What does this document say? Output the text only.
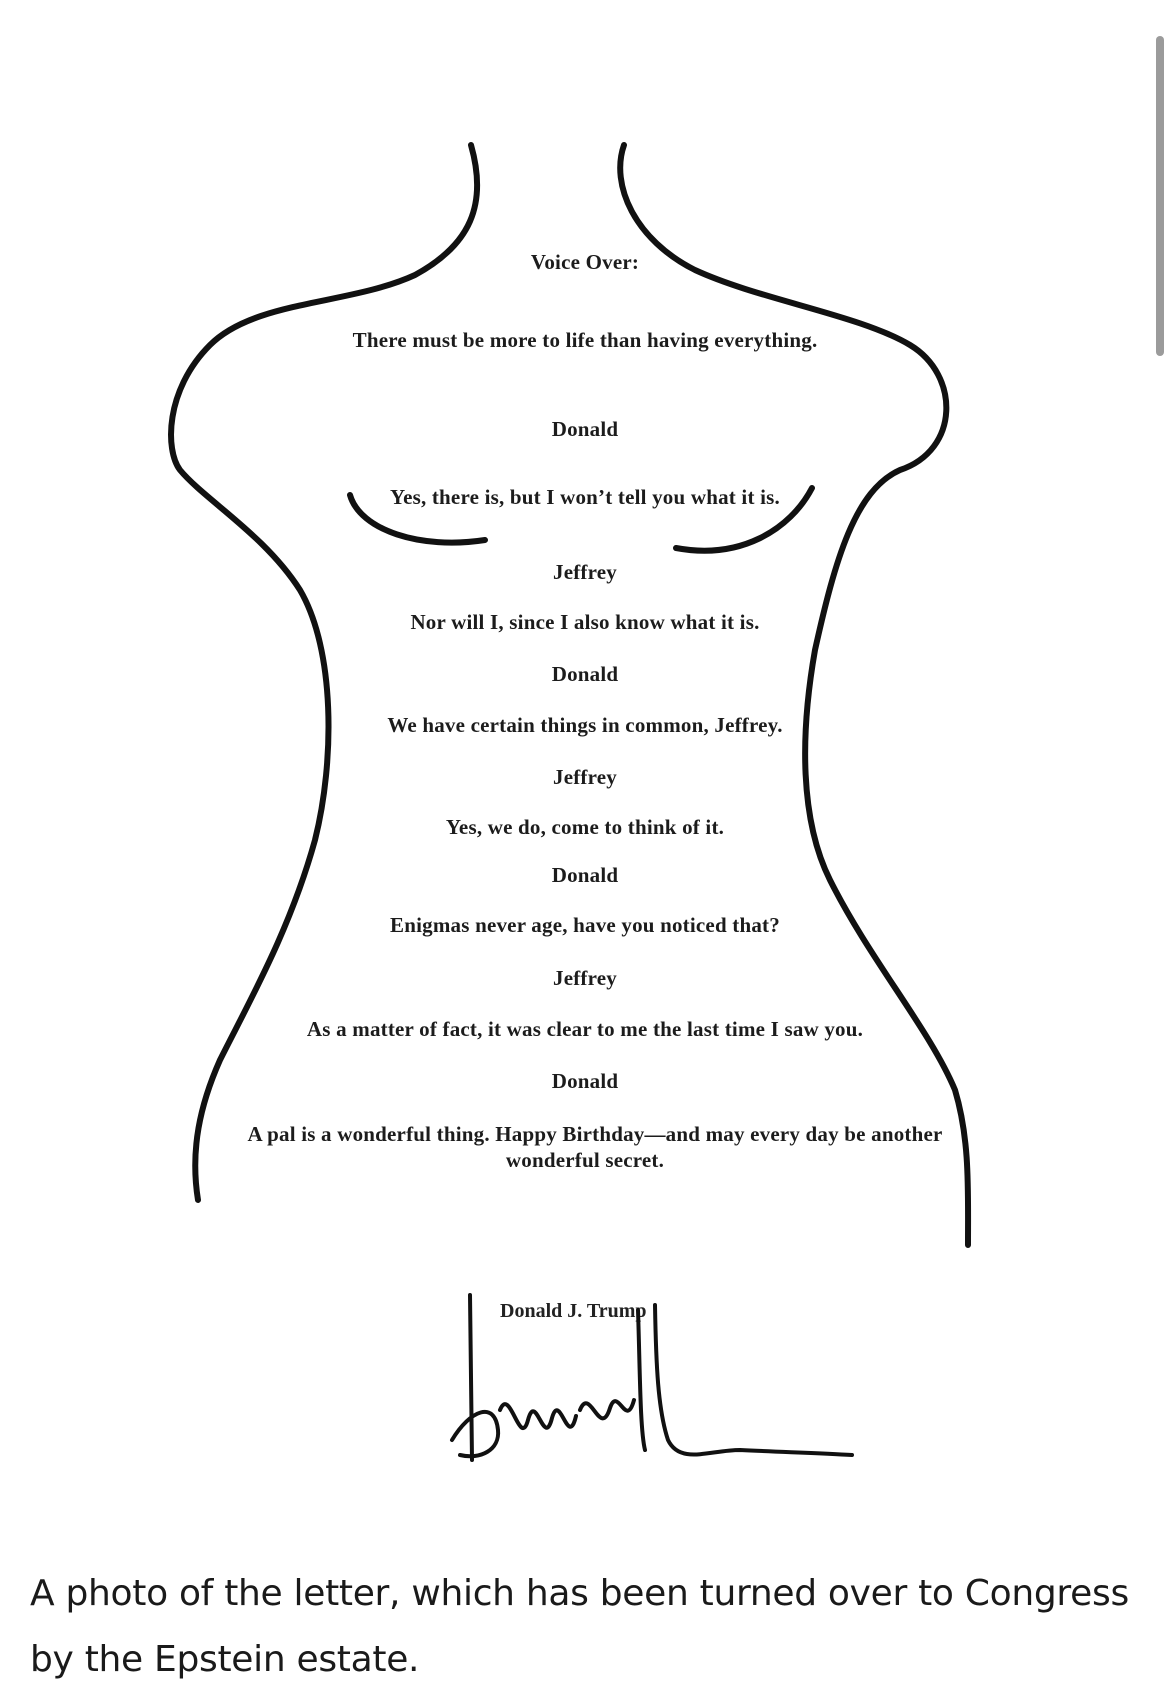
Voice Over:
There must be more to life than having everything.
Donald
Yes, there is, but I won’t tell you what it is.
Jeffrey
Nor will I, since I also know what it is.
Donald
We have certain things in common, Jeffrey.
Jeffrey
Yes, we do, come to think of it.
Donald
Enigmas never age, have you noticed that?
Jeffrey
As a matter of fact, it was clear to me the last time I saw you.
Donald
A pal is a wonderful thing. Happy Birthday—and may every day be another
wonderful secret.
Donald J. Trump

A photo of the letter, which has been turned over to Congress by the Epstein estate.
